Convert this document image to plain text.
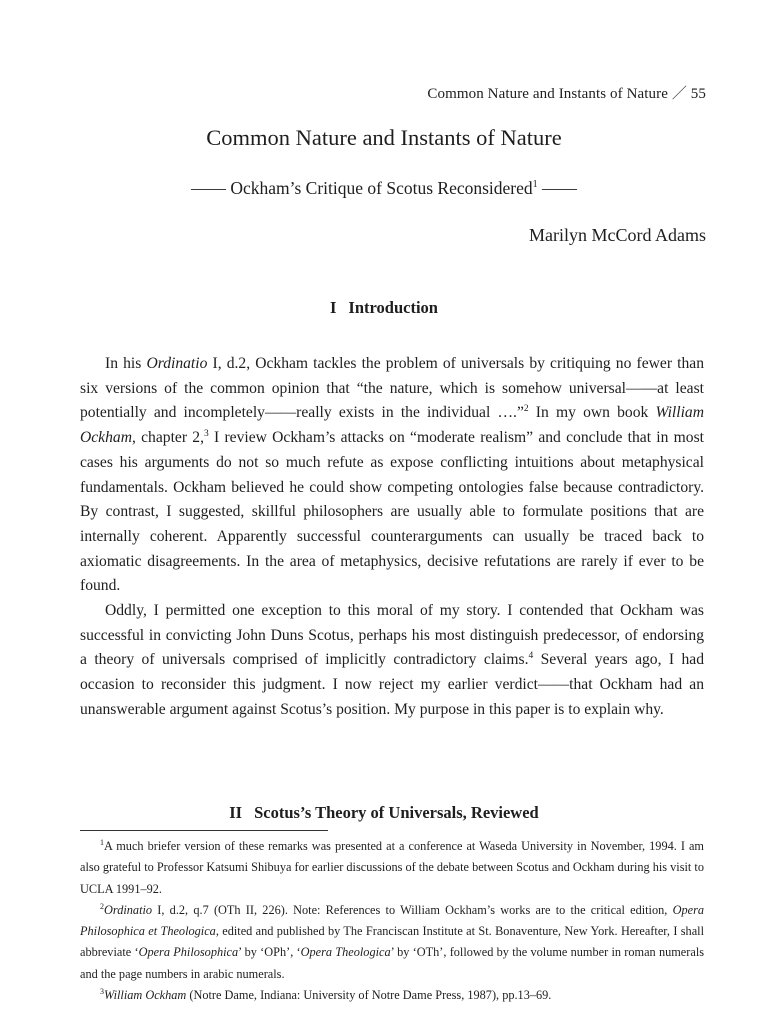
Common Nature and Instants of Nature ／ 55
Common Nature and Instants of Nature
—— Ockham’s Critique of Scotus Reconsidered$^1$ ——
Marilyn McCord Adams
I Introduction

In his Ordinatio I, d.2, Ockham tackles the problem of universals by critiquing no fewer than six versions of the common opinion that “the nature, which is somehow universal——at least potentially and incompletely——really exists in the individual ….”$^2$ In my own book William Ockham, chapter 2,$^3$ I review Ockham’s attacks on “moderate realism” and conclude that in most cases his arguments do not so much refute as expose conflicting intuitions about metaphysical fundamentals. Ockham believed he could show competing ontologies false because contradictory. By contrast, I suggested, skillful philosophers are usually able to formulate positions that are internally coherent. Apparently successful counterarguments can usually be traced back to axiomatic disagreements. In the area of metaphysics, decisive refutations are rarely if ever to be found.

Oddly, I permitted one exception to this moral of my story. I contended that Ockham was successful in convicting John Duns Scotus, perhaps his most distinguish predecessor, of endorsing a theory of universals comprised of implicitly contradictory claims.$^4$ Several years ago, I had occasion to reconsider this judgment. I now reject my earlier verdict——that Ockham had an unanswerable argument against Scotus’s position. My purpose in this paper is to explain why.

II Scotus’s Theory of Universals, Reviewed

$^1$A much briefer version of these remarks was presented at a conference at Waseda University in November, 1994. I am also grateful to Professor Katsumi Shibuya for earlier discussions of the debate between Scotus and Ockham during his visit to UCLA 1991–92.

$^2$Ordinatio I, d.2, q.7 (OTh II, 226). Note: References to William Ockham’s works are to the critical edition, Opera Philosophica et Theologica, edited and published by The Franciscan Institute at St. Bonaventure, New York. Hereafter, I shall abbreviate ‘Opera Philosophica’ by ‘OPh’, ‘Opera Theologica’ by ‘OTh’, followed by the volume number in roman numerals and the page numbers in arabic numerals.

$^3$William Ockham (Notre Dame, Indiana: University of Notre Dame Press, 1987), pp.13–69.
